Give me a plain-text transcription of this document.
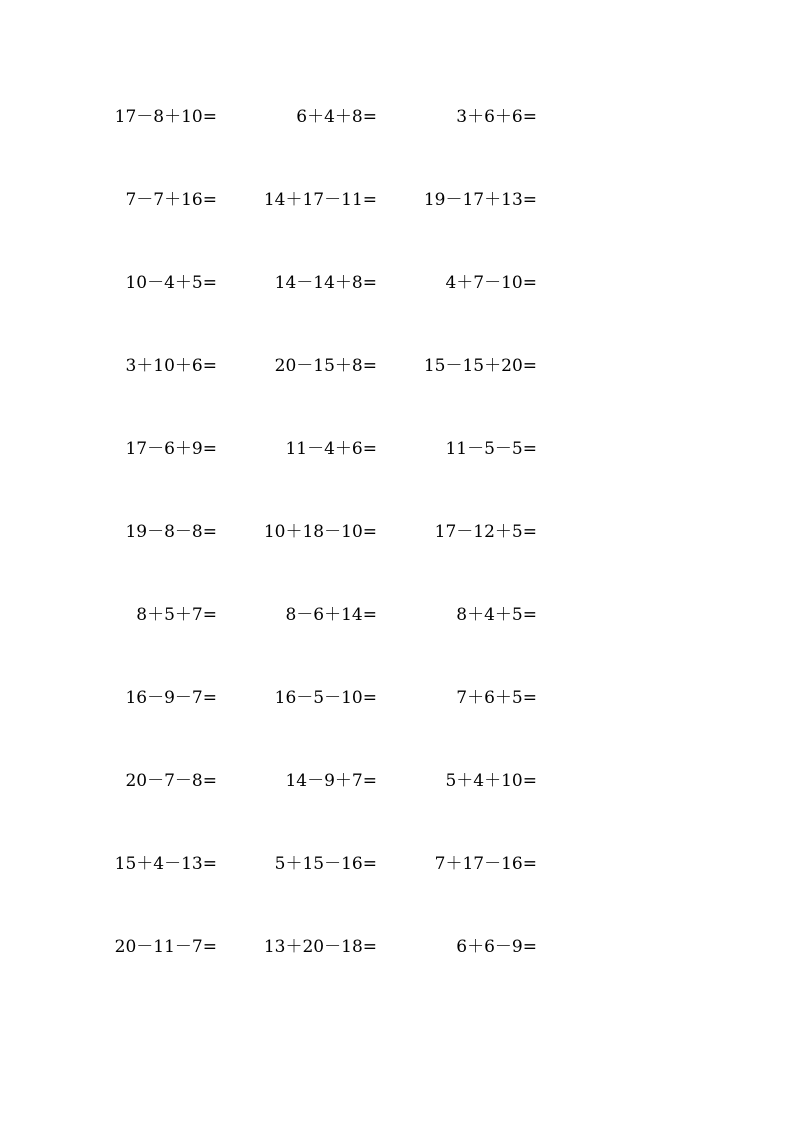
17－8＋10=	6＋4＋8=	3＋6＋6=
7－7＋16=	14＋17－11=	19－17＋13=
10－4＋5=	14－14＋8=	4＋7－10=
3＋10＋6=	20－15＋8=	15－15＋20=
17－6＋9=	11－4＋6=	11－5－5=
19－8－8=	10＋18－10=	17－12＋5=
8＋5＋7=	8－6＋14=	8＋4＋5=
16－9－7=	16－5－10=	7＋6＋5=
20－7－8=	14－9＋7=	5＋4＋10=
15＋4－13=	5＋15－16=	7＋17－16=
20－11－7=	13＋20－18=	6＋6－9=
